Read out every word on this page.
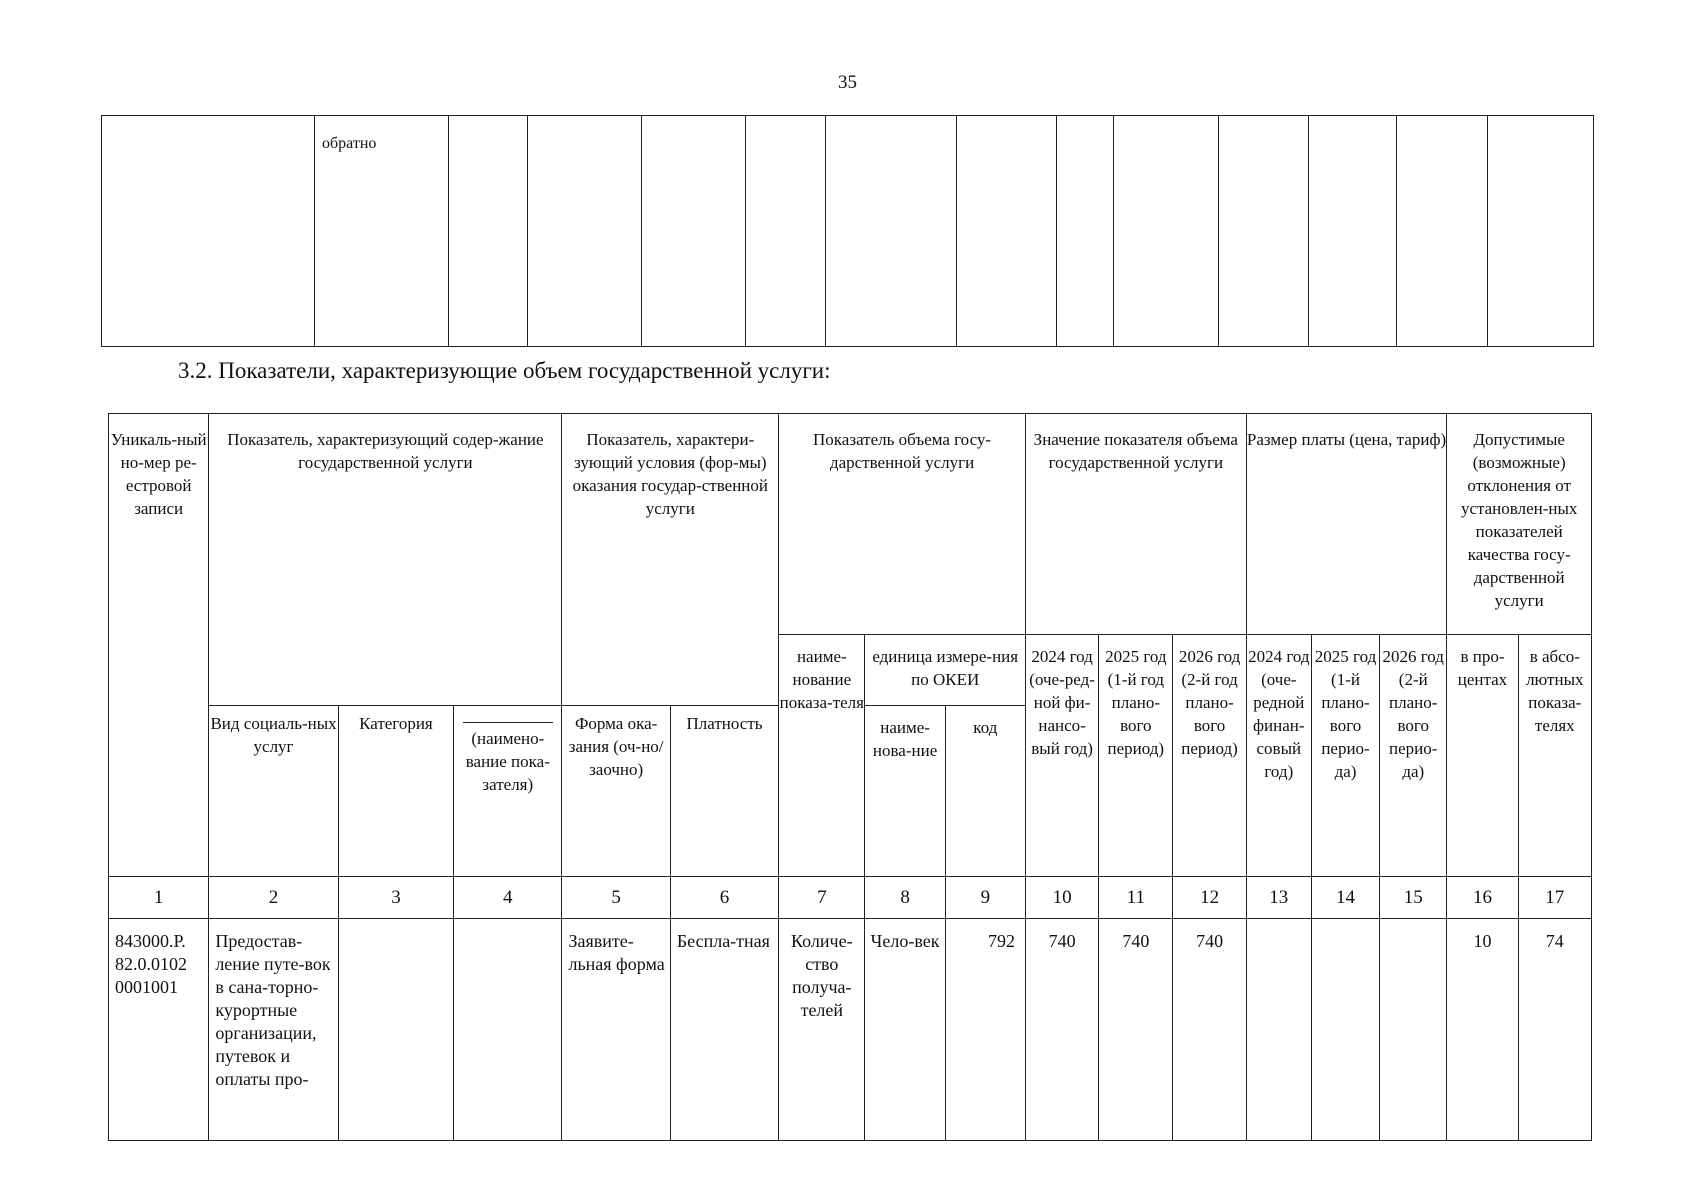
35
	обратно												
3.2. Показатели, характеризующие объем государственной услуги:
Уникаль-ный но-мер ре-естровой записи	Показатель, характеризующий содер-жание государственной услуги			Показатель, характери-зующий условия (фор-мы) оказания государ-ственной услуги		Показатель объема госу-дарственной услуги			Значение показателя объема государственной услуги			Размер платы (цена, тариф)			Допустимые (возможные) отклонения от установлен-ных показателей качества госу-дарственной услуги	
						наиме-нование показа-теля	единица измере-ния по ОКЕИ		2024 год (оче-ред-ной фи-нансо-вый год)	2025 год (1-й год плано-вого период)	2026 год (2-й год плано-вого период)	2024 год (оче-редной финан-совый год)	2025 год (1-й плано-вого перио-да)	2026 год (2-й плано-вого перио-да)	в про-центах	в абсо-лютных показа-телях
							наиме-нова-ние	код								
	Вид социаль-ных услуг	Категория	(наимено-вание пока-зателя)	Форма ока-зания (оч-но/заочно)	Платность											
1	2	3	4	5	6	7	8	9	10	11	12	13	14	15	16	17
843000.Р. 82.0.0102 0001001	Предостав-ление путе-вок в сана-торно-курортные организации, путевок и оплаты про-			Заявите-льная форма	Бесплa-тная	Количе-ство получа-телей	Чело-век	792	740	740	740				10	74
